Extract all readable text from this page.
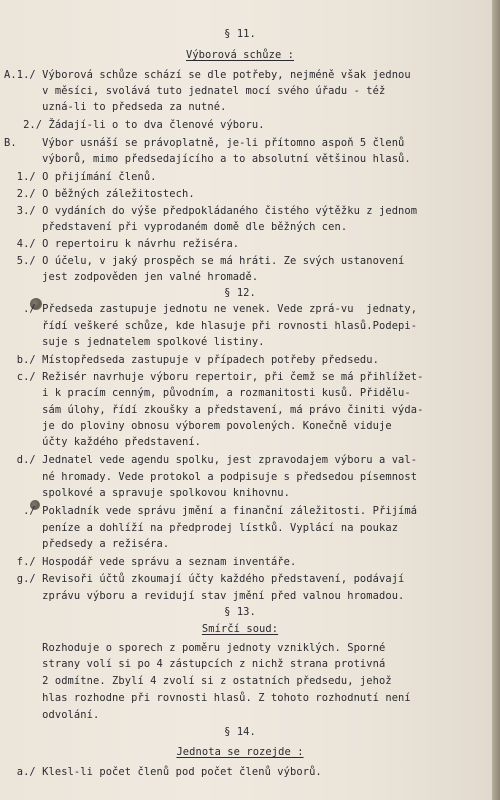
§ 11.
Výborová schůze :
A.1./ Výborová schůze schází se dle potřeby, nejméně však jednou
v měsíci, svolává tuto jednatel mocí svého úřadu - též
uzná-li to předseda za nutné.
2./ Žádají-li o to dva členové výboru.
B.    Výbor usnáší se právoplatně, je-li přítomno aspoň 5 členů
výborů, mimo předsedajícího a to absolutní většinou hlasů.
1./ O přijímání členů.
2./ O běžných záležitostech.
3./ O vydáních do výše předpokládaného čistého výtěžku z jednom
představení při vyprodaném domě dle běžných cen.
4./ O repertoiru k návrhu režiséra.
5./ O účelu, v jaký prospěch se má hráti. Ze svých ustanovení
jest zodpověden jen valné hromadě.
§ 12.
./ Předseda zastupuje jednotu ne venek. Vede zprá-vu  jednaty,
řídí veškeré schůze, kde hlasuje při rovnosti hlasů.Podepi-
suje s jednatelem spolkové listiny.
b./ Místopředseda zastupuje v případech potřeby předsedu.
c./ Režisér navrhuje výboru repertoir, při čemž se má přihlížet-
i k pracím cenným, původním, a rozmanitosti kusů. Přidělu-
sám úlohy, řídí zkoušky a představení, má právo činiti výda-
je do ploviny obnosu výborem povolených. Konečně viduje
účty každého představení.
d./ Jednatel vede agendu spolku, jest zpravodajem výboru a val-
né hromady. Vede protokol a podpisuje s předsedou písemnost
spolkové a spravuje spolkovou knihovnu.
./ Pokladník vede správu jmění a finanční záležitosti. Přijímá
peníze a dohlíží na předprodej lístků. Vyplácí na poukaz
předsedy a režiséra.
f./ Hospodář vede správu a seznam inventáře.
g./ Revisoři účtů zkoumají účty každého představení, podávají
zprávu výboru a revidují stav jmění před valnou hromadou.
§ 13.
Smírčí soud:
Rozhoduje o sporech z poměru jednoty vzniklých. Sporné
strany volí si po 4 zástupcích z nichž strana protivná
2 odmítne. Zbylí 4 zvolí si z ostatních předsedu, jehož
hlas rozhodne při rovnosti hlasů. Z tohoto rozhodnutí není
odvolání.
§ 14.
Jednota se rozejde :
a./ Klesl-li počet členů pod počet členů výborů.
